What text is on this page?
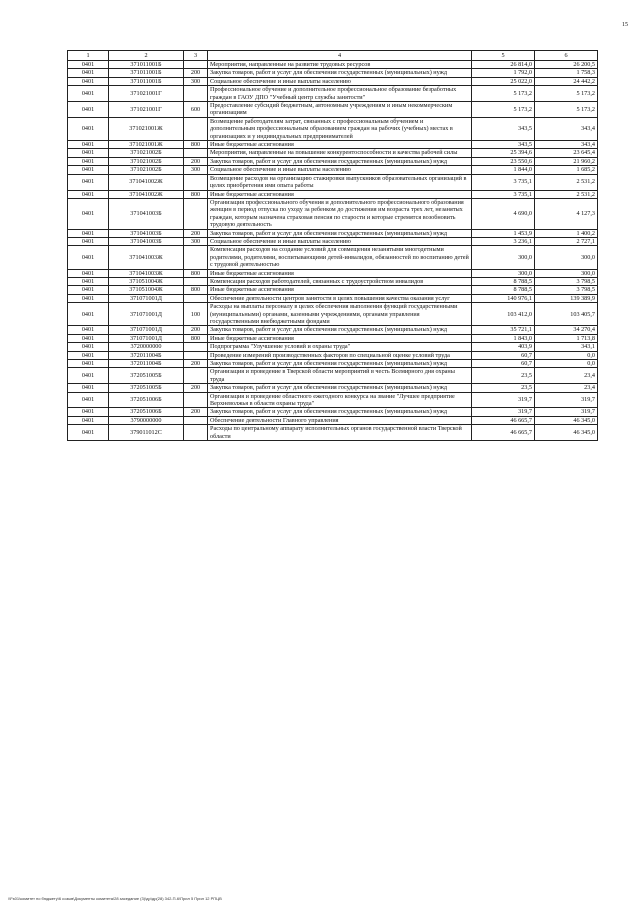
15
1	2	3	4	5	6
0401	371011001Б		Мероприятия, направленные на развитие трудовых ресурсов	26 814,0	26 200,5
0401	371011001Б	200	Закупка товаров, работ и услуг для обеспечения государственных (муниципальных) нужд	1 792,0	1 758,3
0401	371011001Б	300	Социальное обеспечение и иные выплаты населению	25 022,0	24 442,2
0401	371021001Г		Профессиональное обучение и дополнительное профессиональное образование безработных граждан в ГАОУ ДПО "Учебный центр службы занятости"	5 173,2	5 173,2
0401	371021001Г	600	Предоставление субсидий бюджетным, автономным учреждениям и иным некоммерческим организациям	5 173,2	5 173,2
0401	371021001Ж		Возмещение работодателям затрат, связанных с профессиональным обучением и дополнительным профессиональным образованием граждан на рабочих (учебных) местах в организациях и у индивидуальных предпринимателей	343,5	343,4
0401	371021001Ж	800	Иные бюджетные ассигнования	343,5	343,4
0401	371021002Б		Мероприятия, направленные на повышение конкурентоспособности и качества рабочей силы	25 394,6	23 645,4
0401	371021002Б	200	Закупка товаров, работ и услуг для обеспечения государственных (муниципальных) нужд	23 550,6	21 960,2
0401	371021002Б	300	Социальное обеспечение и иные выплаты населению	1 844,0	1 685,2
0401	371041002Ж		Возмещение расходов на организацию стажировки выпускников образовательных организаций в целях приобретения ими опыта работы	3 735,1	2 531,2
0401	371041002Ж	800	Иные бюджетные ассигнования	3 735,1	2 531,2
0401	371041003Б		Организация профессионального обучения и дополнительного профессионального образования женщин в период отпуска по уходу за ребенком до достижения им возраста трех лет, незанятых граждан, которым назначена страховая пенсия по старости и которые стремятся возобновить трудовую деятельность	4 690,0	4 127,3
0401	371041003Б	200	Закупка товаров, работ и услуг для обеспечения государственных (муниципальных) нужд	1 453,9	1 400,2
0401	371041003Б	300	Социальное обеспечение и иные выплаты населению	3 236,1	2 727,1
0401	371041003Ж		Компенсация расходов на создание условий для совмещения незанятыми многодетными родителями, родителями, воспитывающими детей-инвалидов, обязанностей по воспитанию детей с трудовой деятельностью	300,0	300,0
0401	371041003Ж	800	Иные бюджетные ассигнования	300,0	300,0
0401	371051004Ж		Компенсация расходов работодателей, связанных с трудоустройством инвалидов	8 788,5	3 798,5
0401	371051004Ж	800	Иные бюджетные ассигнования	8 788,5	3 798,5
0401	371071001Д		Обеспечение деятельности центров занятости в целях повышения качества оказания услуг	140 976,1	139 389,9
0401	371071001Д	100	Расходы на выплаты персоналу в целях обеспечения выполнения функций государственными (муниципальными) органами, казенными учреждениями, органами управления государственными внебюджетными фондами	103 412,0	103 405,7
0401	371071001Д	200	Закупка товаров, работ и услуг для обеспечения государственных (муниципальных) нужд	35 721,1	34 270,4
0401	371071001Д	800	Иные бюджетные ассигнования	1 843,0	1 713,8
0401	3720000000		Подпрограмма "Улучшение условий и охраны труда"	403,9	343,1
0401	372011004Б		Проведение измерений производственных факторов по специальной оценке условий труда	60,7	0,0
0401	372011004Б	200	Закупка товаров, работ и услуг для обеспечения государственных (муниципальных) нужд	60,7	0,0
0401	372051005Б		Организация и проведение в Тверской области мероприятий в честь Всемирного дня охраны труда	23,5	23,4
0401	372051005Б	200	Закупка товаров, работ и услуг для обеспечения государственных (муниципальных) нужд	23,5	23,4
0401	372051006Б		Организация и проведение областного ежегодного конкурса на звание "Лучшее предприятие Верхневолжья в области охраны труда"	319,7	319,7
0401	372051006Б	200	Закупка товаров, работ и услуг для обеспечения государственных (муниципальных) нужд	319,7	319,7
0401	3790000000		Обеспечение деятельности Главного управления	46 665,7	46 345,0
0401	379011012С		Расходы по центральному аппарату исполнительных органов государственной власти Тверской области	46 665,7	46 345,0
\\Fs01\комитет по бюджету\6 созыв\Документы комитета\28 заседание (3)\др\др(28) 342-П-6\Прил 5 Прил 12 РПЦВ
